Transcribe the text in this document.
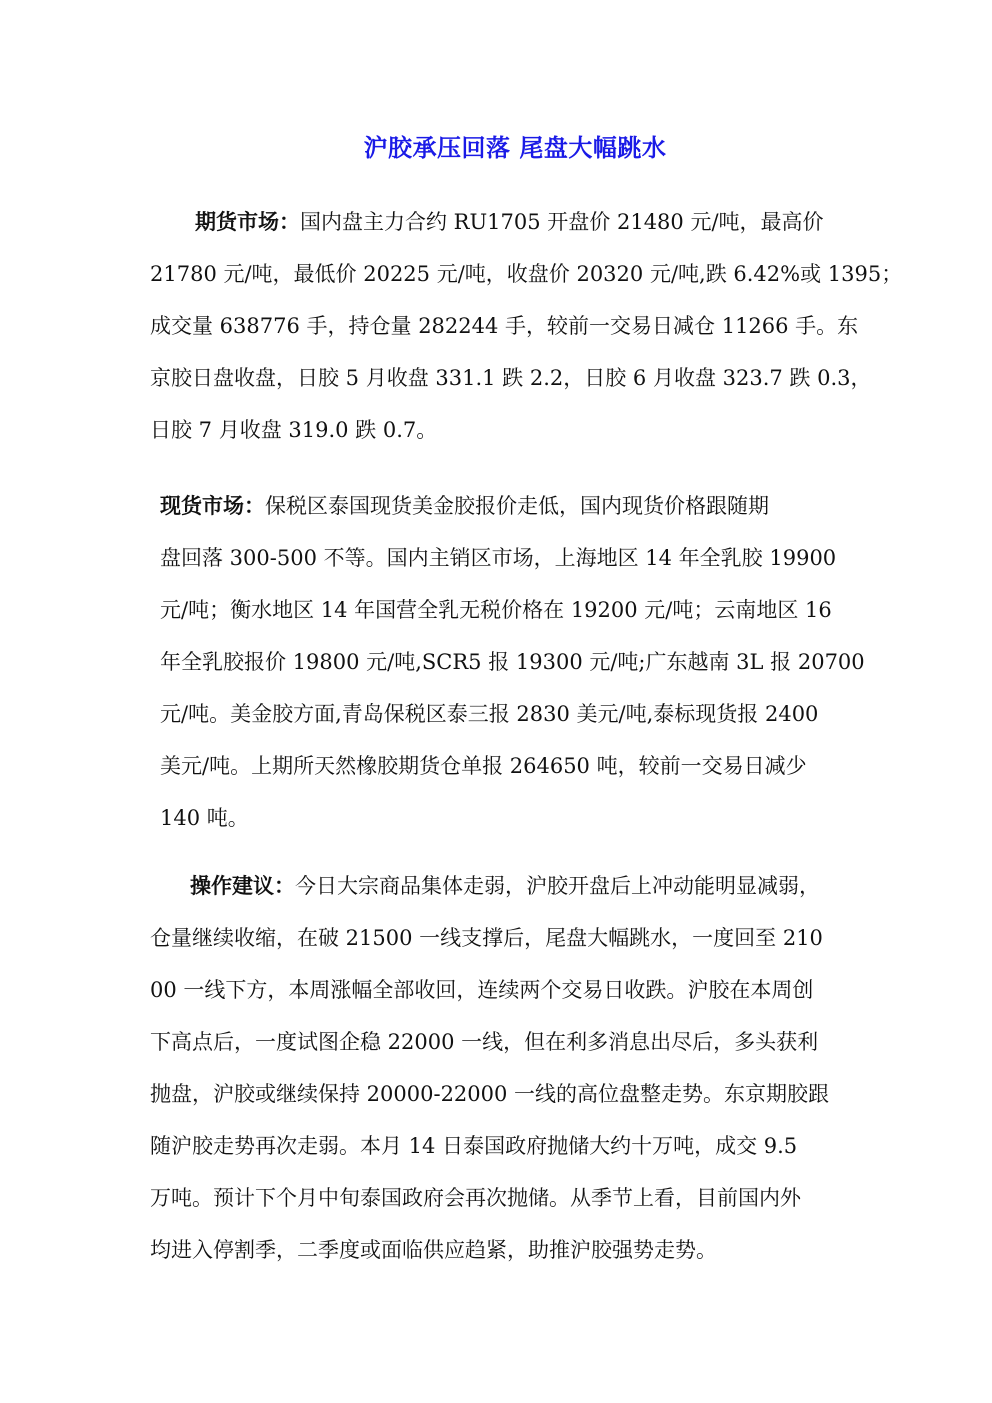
沪胶承压回落 尾盘大幅跳水
期货市场：国内盘主力合约 RU1705 开盘价 21480 元/吨，最高价
21780 元/吨，最低价 20225 元/吨，收盘价 20320 元/吨,跌 6.42%或 1395；
成交量 638776 手，持仓量 282244 手，较前一交易日减仓 11266 手。东
京胶日盘收盘，日胶 5 月收盘 331.1 跌 2.2，日胶 6 月收盘 323.7 跌 0.3，
日胶 7 月收盘 319.0 跌 0.7。
现货市场：保税区泰国现货美金胶报价走低，国内现货价格跟随期
盘回落 300-500 不等。国内主销区市场，上海地区 14 年全乳胶 19900
元/吨；衡水地区 14 年国营全乳无税价格在 19200 元/吨；云南地区 16
年全乳胶报价 19800 元/吨,SCR5 报 19300 元/吨;广东越南 3L 报 20700
元/吨。美金胶方面,青岛保税区泰三报 2830 美元/吨,泰标现货报 2400
美元/吨。上期所天然橡胶期货仓单报 264650 吨，较前一交易日减少
140 吨。
操作建议：今日大宗商品集体走弱，沪胶开盘后上冲动能明显减弱，
仓量继续收缩，在破 21500 一线支撑后，尾盘大幅跳水，一度回至 210
00 一线下方，本周涨幅全部收回，连续两个交易日收跌。沪胶在本周创
下高点后，一度试图企稳 22000 一线，但在利多消息出尽后，多头获利
抛盘，沪胶或继续保持 20000-22000 一线的高位盘整走势。东京期胶跟
随沪胶走势再次走弱。本月 14 日泰国政府抛储大约十万吨，成交 9.5
万吨。预计下个月中旬泰国政府会再次抛储。从季节上看，目前国内外
均进入停割季，二季度或面临供应趋紧，助推沪胶强势走势。
